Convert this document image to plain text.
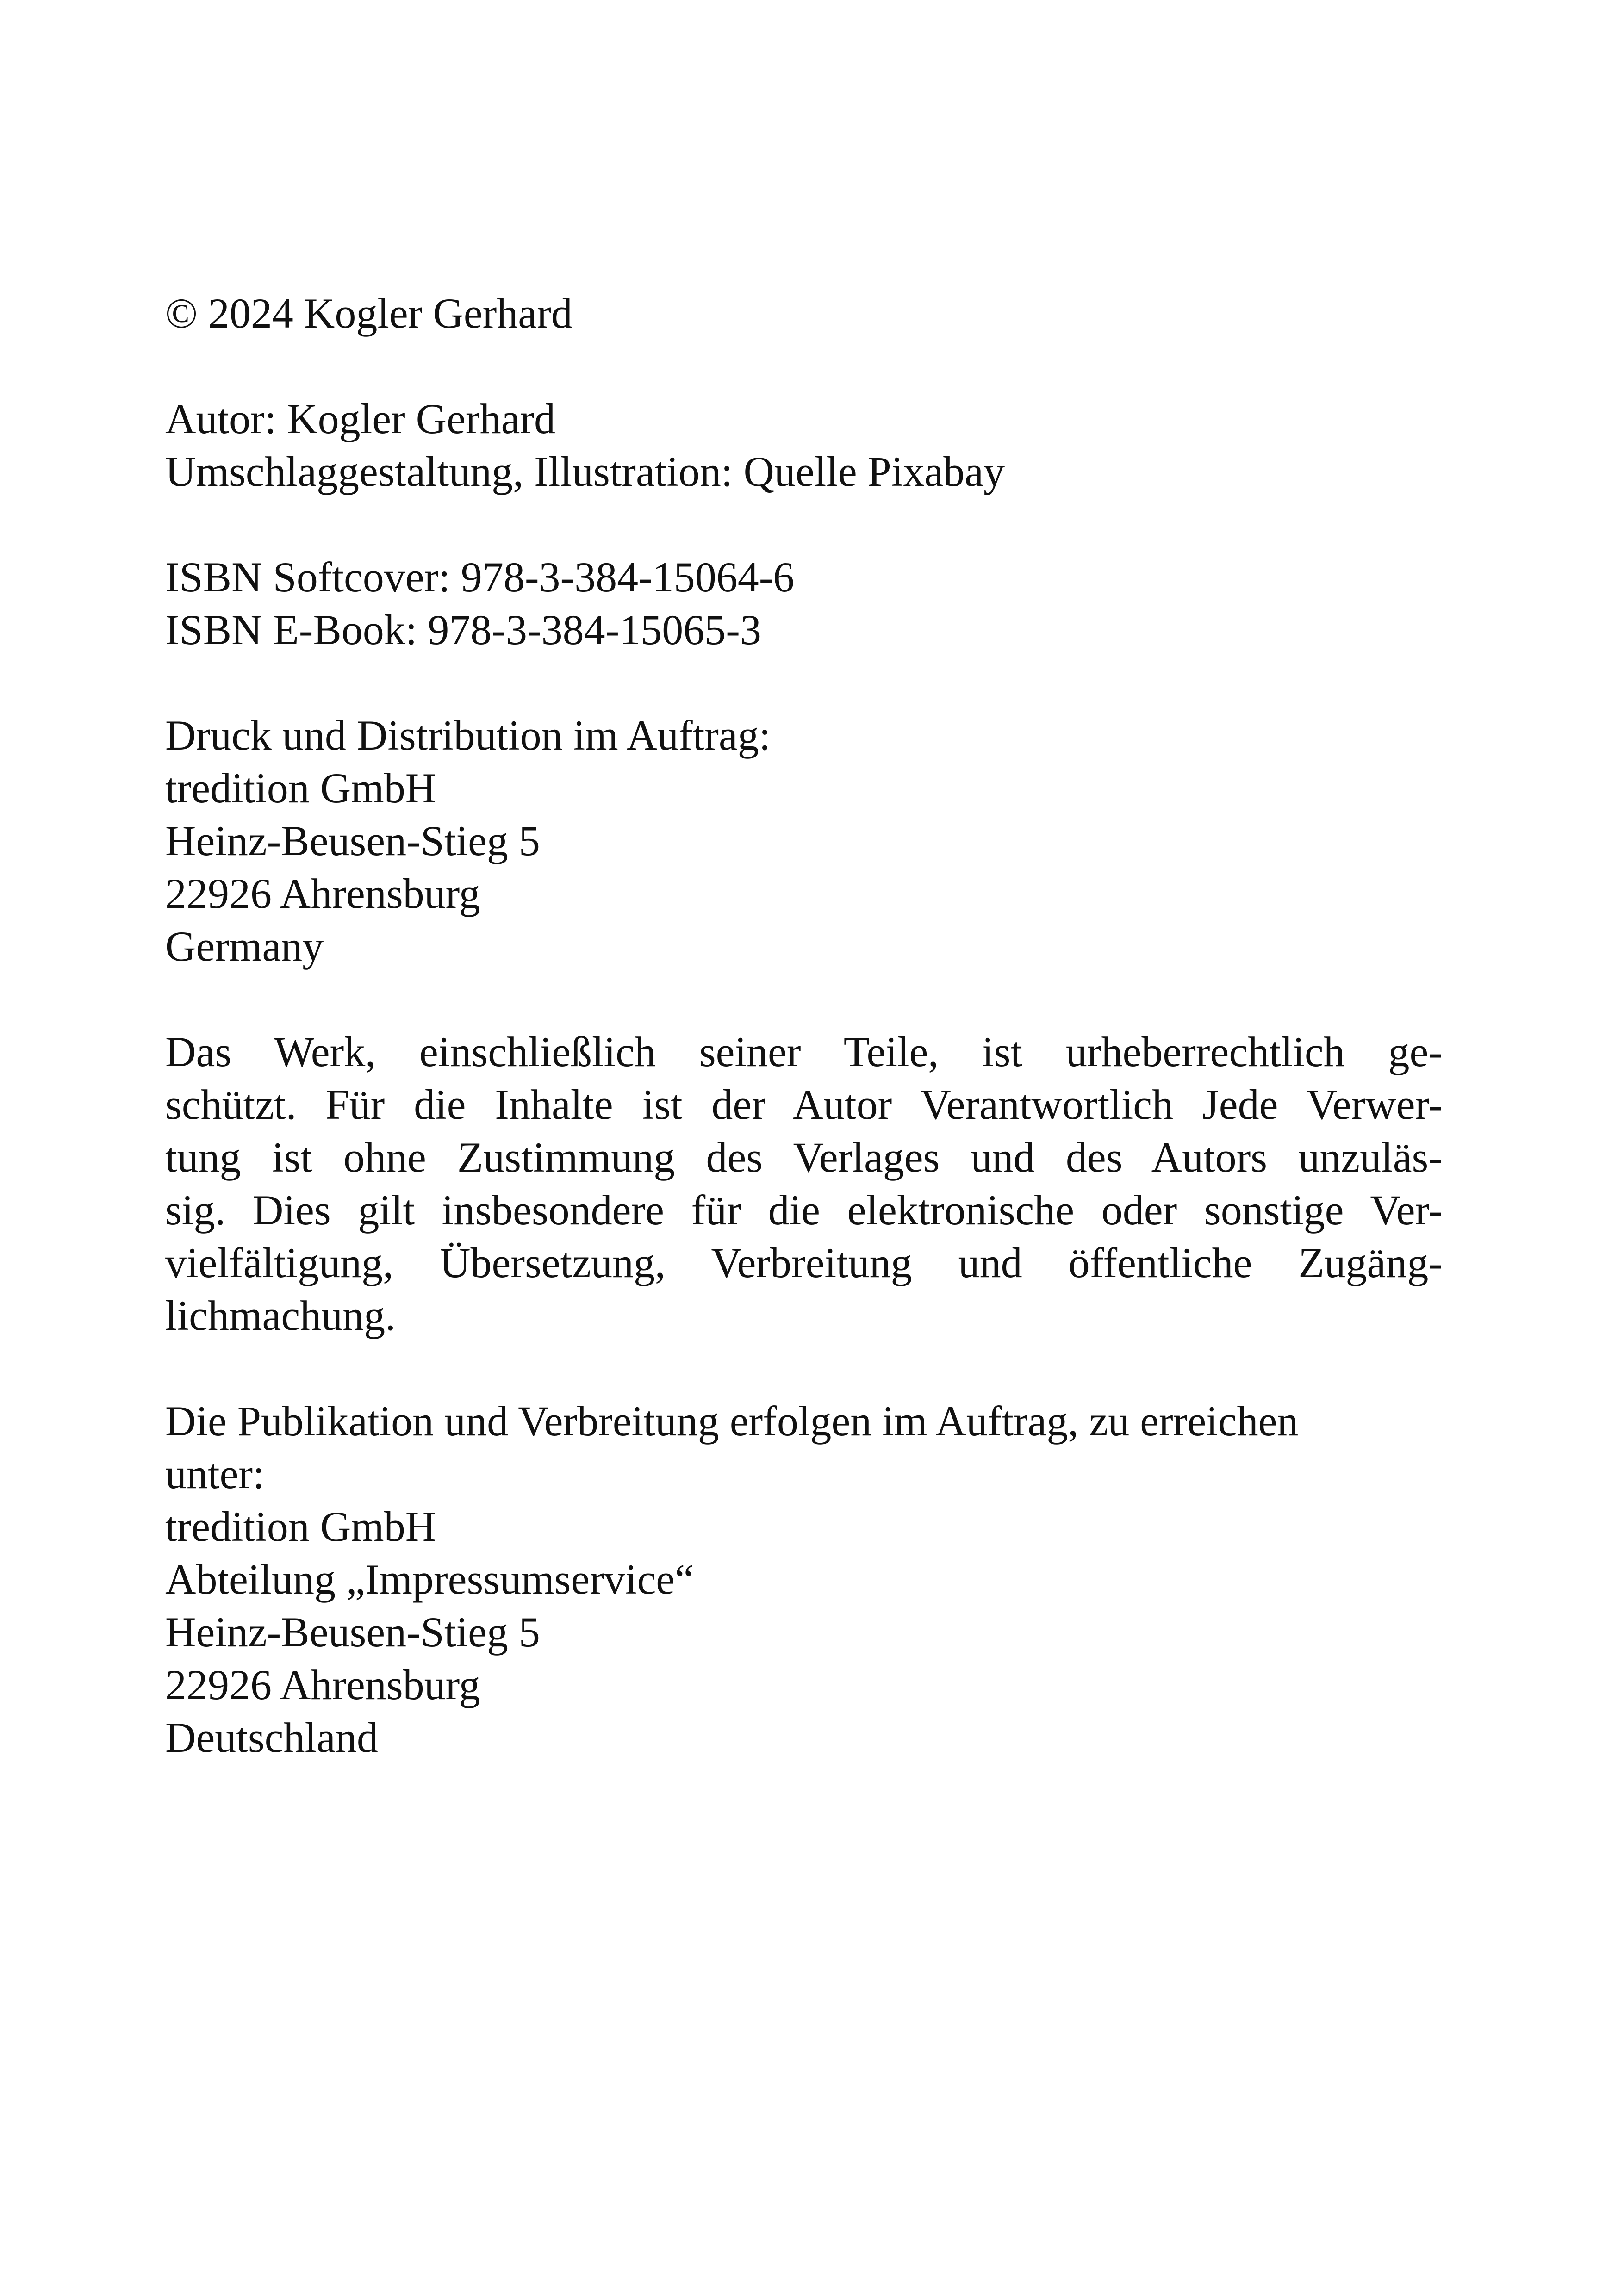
© 2024 Kogler Gerhard
Autor: Kogler Gerhard
Umschlaggestaltung, Illustration: Quelle Pixabay
ISBN Softcover: 978-3-384-15064-6
ISBN E-Book: 978-3-384-15065-3
Druck und Distribution im Auftrag:
tredition GmbH
Heinz-Beusen-Stieg 5
22926 Ahrensburg
Germany
Das Werk, einschließlich seiner Teile, ist urheberrechtlich ge-
schützt. Für die Inhalte ist der Autor Verantwortlich Jede Verwer-
tung ist ohne Zustimmung des Verlages und des Autors unzuläs-
sig. Dies gilt insbesondere für die elektronische oder sonstige Ver-
vielfältigung, Übersetzung, Verbreitung und öffentliche Zugäng-
lichmachung.
Die Publikation und Verbreitung erfolgen im Auftrag, zu erreichen
unter:
tredition GmbH
Abteilung „Impressumservice“
Heinz-Beusen-Stieg 5
22926 Ahrensburg
Deutschland
